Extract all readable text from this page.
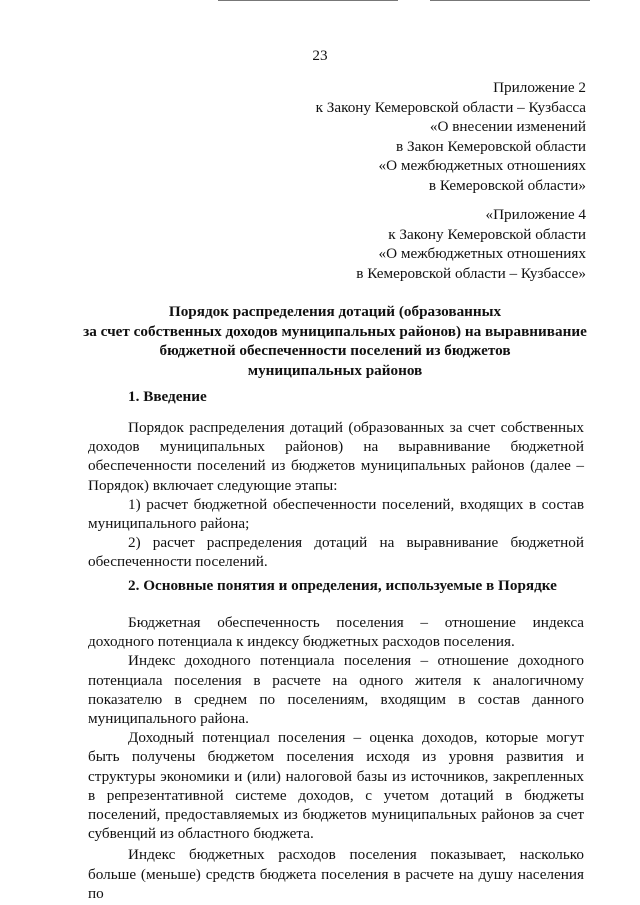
23
Приложение 2
к Закону Кемеровской области – Кузбасса
«О внесении изменений
в Закон Кемеровской области
«О межбюджетных отношениях
в Кемеровской области»
«Приложение 4
к Закону Кемеровской области
«О межбюджетных отношениях
в Кемеровской области – Кузбассе»
Порядок распределения дотаций (образованных
за счет собственных доходов муниципальных районов) на выравнивание
бюджетной обеспеченности поселений из бюджетов
муниципальных районов
1. Введение

Порядок распределения дотаций (образованных за счет собственных доходов муниципальных районов) на выравнивание бюджетной обеспеченности поселений из бюджетов муниципальных районов (далее – Порядок) включает следующие этапы:

1) расчет бюджетной обеспеченности поселений, входящих в состав муниципального района;

2) расчет распределения дотаций на выравнивание бюджетной обеспеченности поселений.

2. Основные понятия и определения, используемые в Порядке

Бюджетная обеспеченность поселения – отношение индекса доходного потенциала к индексу бюджетных расходов поселения.

Индекс доходного потенциала поселения – отношение доходного потенциала поселения в расчете на одного жителя к аналогичному показателю в среднем по поселениям, входящим в состав данного муниципального района.

Доходный потенциал поселения – оценка доходов, которые могут быть получены бюджетом поселения исходя из уровня развития и структуры экономики и (или) налоговой базы из источников, закрепленных в репрезентативной системе доходов, с учетом дотаций в бюджеты поселений, предоставляемых из бюджетов муниципальных районов за счет субвенций из областного бюджета.

Индекс бюджетных расходов поселения показывает, насколько больше (меньше) средств бюджета поселения в расчете на душу населения по
